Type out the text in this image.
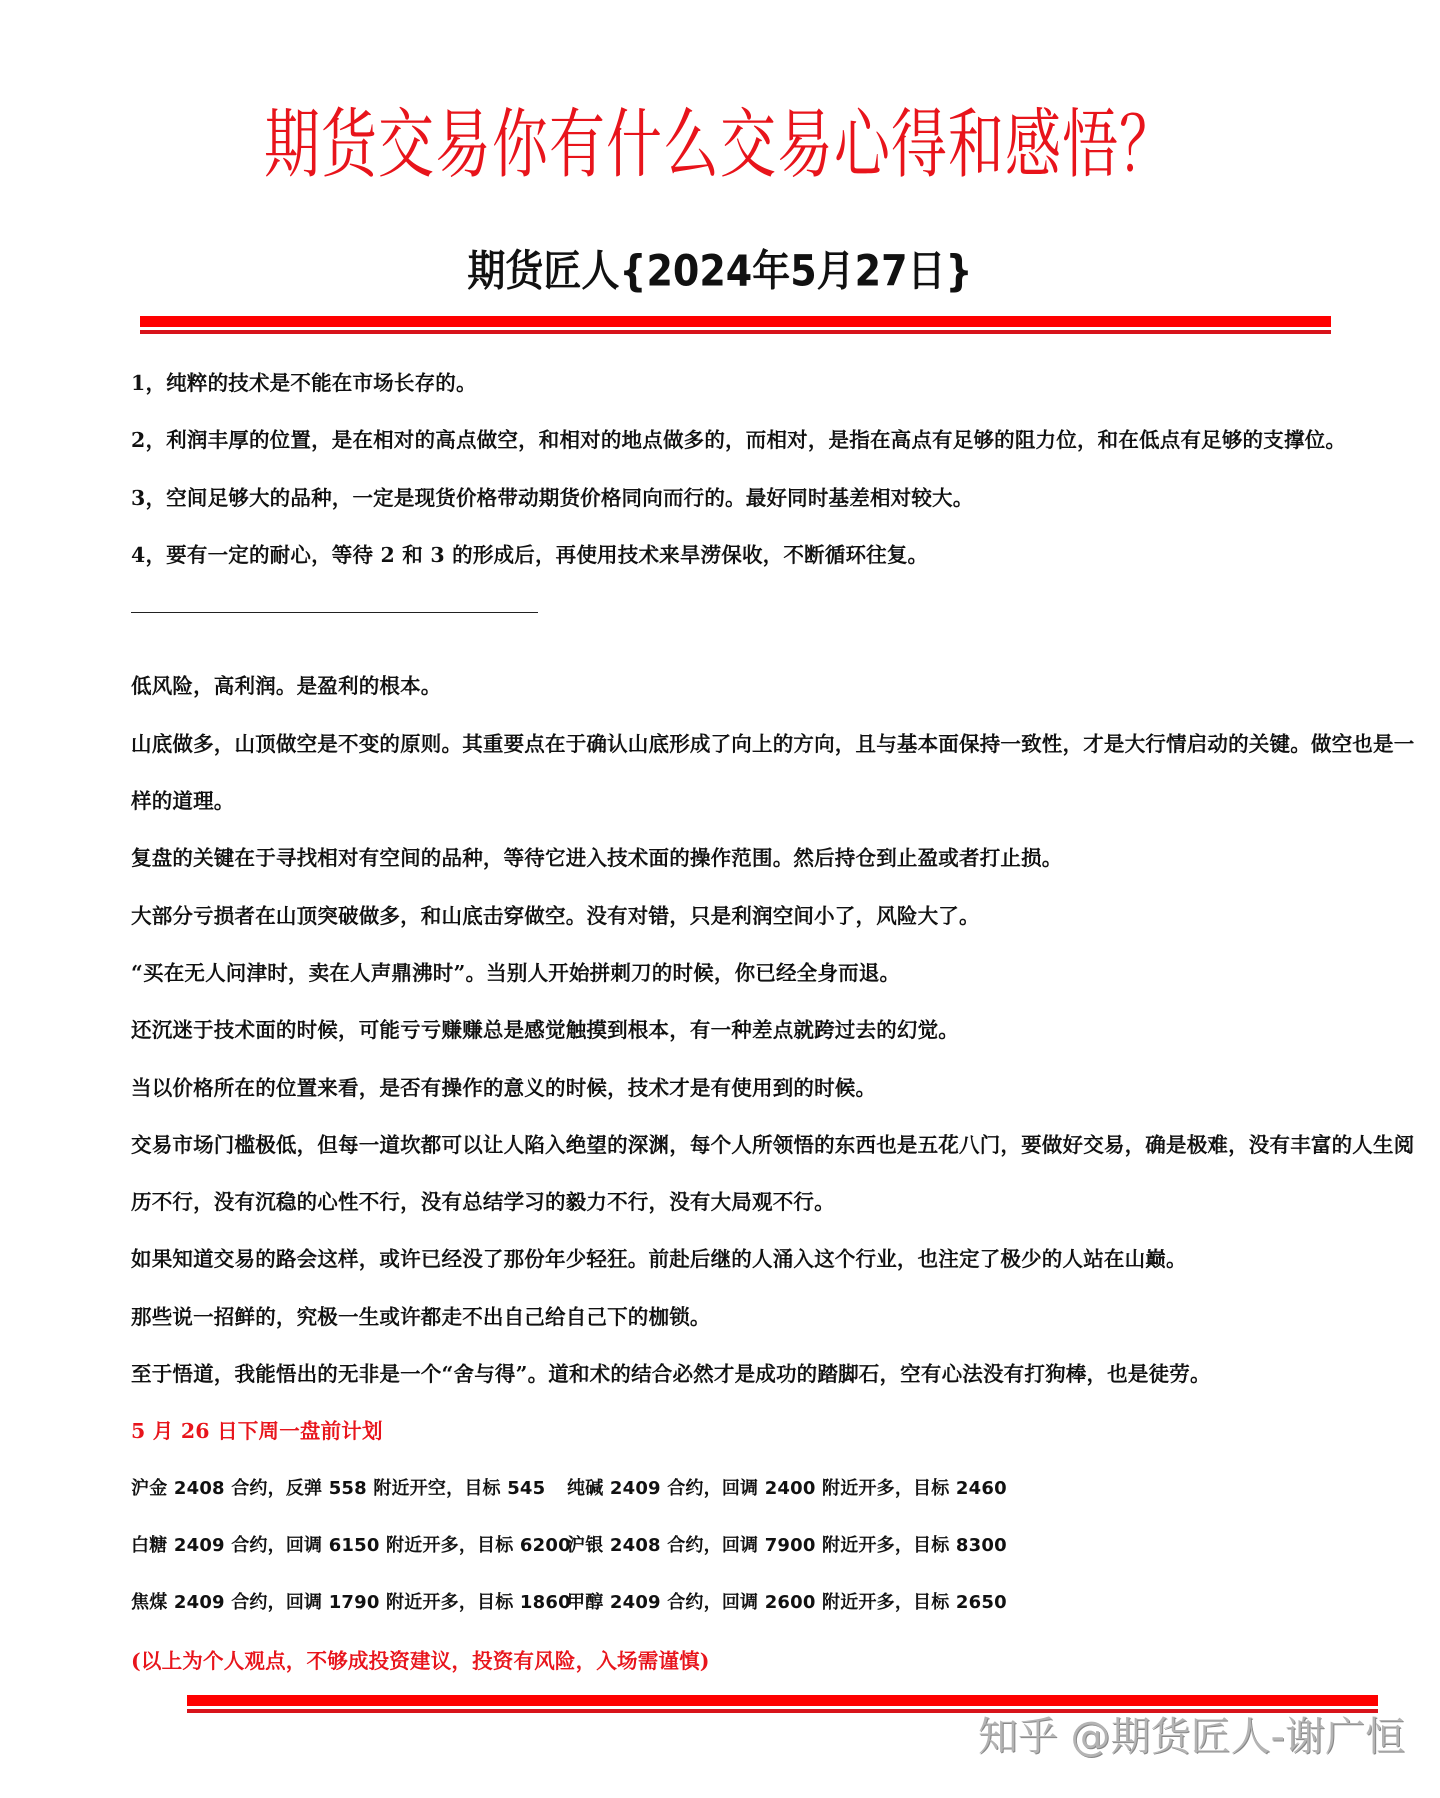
期货交易你有什么交易心得和感悟？
期货匠人{2024年5月27日}
1，纯粹的技术是不能在市场长存的。
2，利润丰厚的位置，是在相对的高点做空，和相对的地点做多的，而相对，是指在高点有足够的阻力位，和在低点有足够的支撑位。
3，空间足够大的品种，一定是现货价格带动期货价格同向而行的。最好同时基差相对较大。
4，要有一定的耐心，等待 2 和 3 的形成后，再使用技术来旱涝保收，不断循环往复。
低风险，高利润。是盈利的根本。
山底做多，山顶做空是不变的原则。其重要点在于确认山底形成了向上的方向，且与基本面保持一致性，才是大行情启动的关键。做空也是一
样的道理。
复盘的关键在于寻找相对有空间的品种，等待它进入技术面的操作范围。然后持仓到止盈或者打止损。
大部分亏损者在山顶突破做多，和山底击穿做空。没有对错，只是利润空间小了，风险大了。
“买在无人问津时，卖在人声鼎沸时”。当别人开始拼刺刀的时候，你已经全身而退。
还沉迷于技术面的时候，可能亏亏赚赚总是感觉触摸到根本，有一种差点就跨过去的幻觉。
当以价格所在的位置来看，是否有操作的意义的时候，技术才是有使用到的时候。
交易市场门槛极低，但每一道坎都可以让人陷入绝望的深渊，每个人所领悟的东西也是五花八门，要做好交易，确是极难，没有丰富的人生阅
历不行，没有沉稳的心性不行，没有总结学习的毅力不行，没有大局观不行。
如果知道交易的路会这样，或许已经没了那份年少轻狂。前赴后继的人涌入这个行业，也注定了极少的人站在山巅。
那些说一招鲜的，究极一生或许都走不出自己给自己下的枷锁。
至于悟道，我能悟出的无非是一个“舍与得”。道和术的结合必然才是成功的踏脚石，空有心法没有打狗棒，也是徒劳。
5 月 26 日下周一盘前计划
沪金 2408 合约，反弹 558 附近开空，目标 545	纯碱 2409 合约，回调 2400 附近开多，目标 2460
白糖 2409 合约，回调 6150 附近开多，目标 6200
沪银 2408 合约，回调 7900 附近开多，目标 8300
焦煤 2409 合约，回调 1790 附近开多，目标 1860
甲醇 2409 合约，回调 2600 附近开多，目标 2650
(以上为个人观点，不够成投资建议，投资有风险，入场需谨慎)
知乎 @期货匠人-谢广恒
